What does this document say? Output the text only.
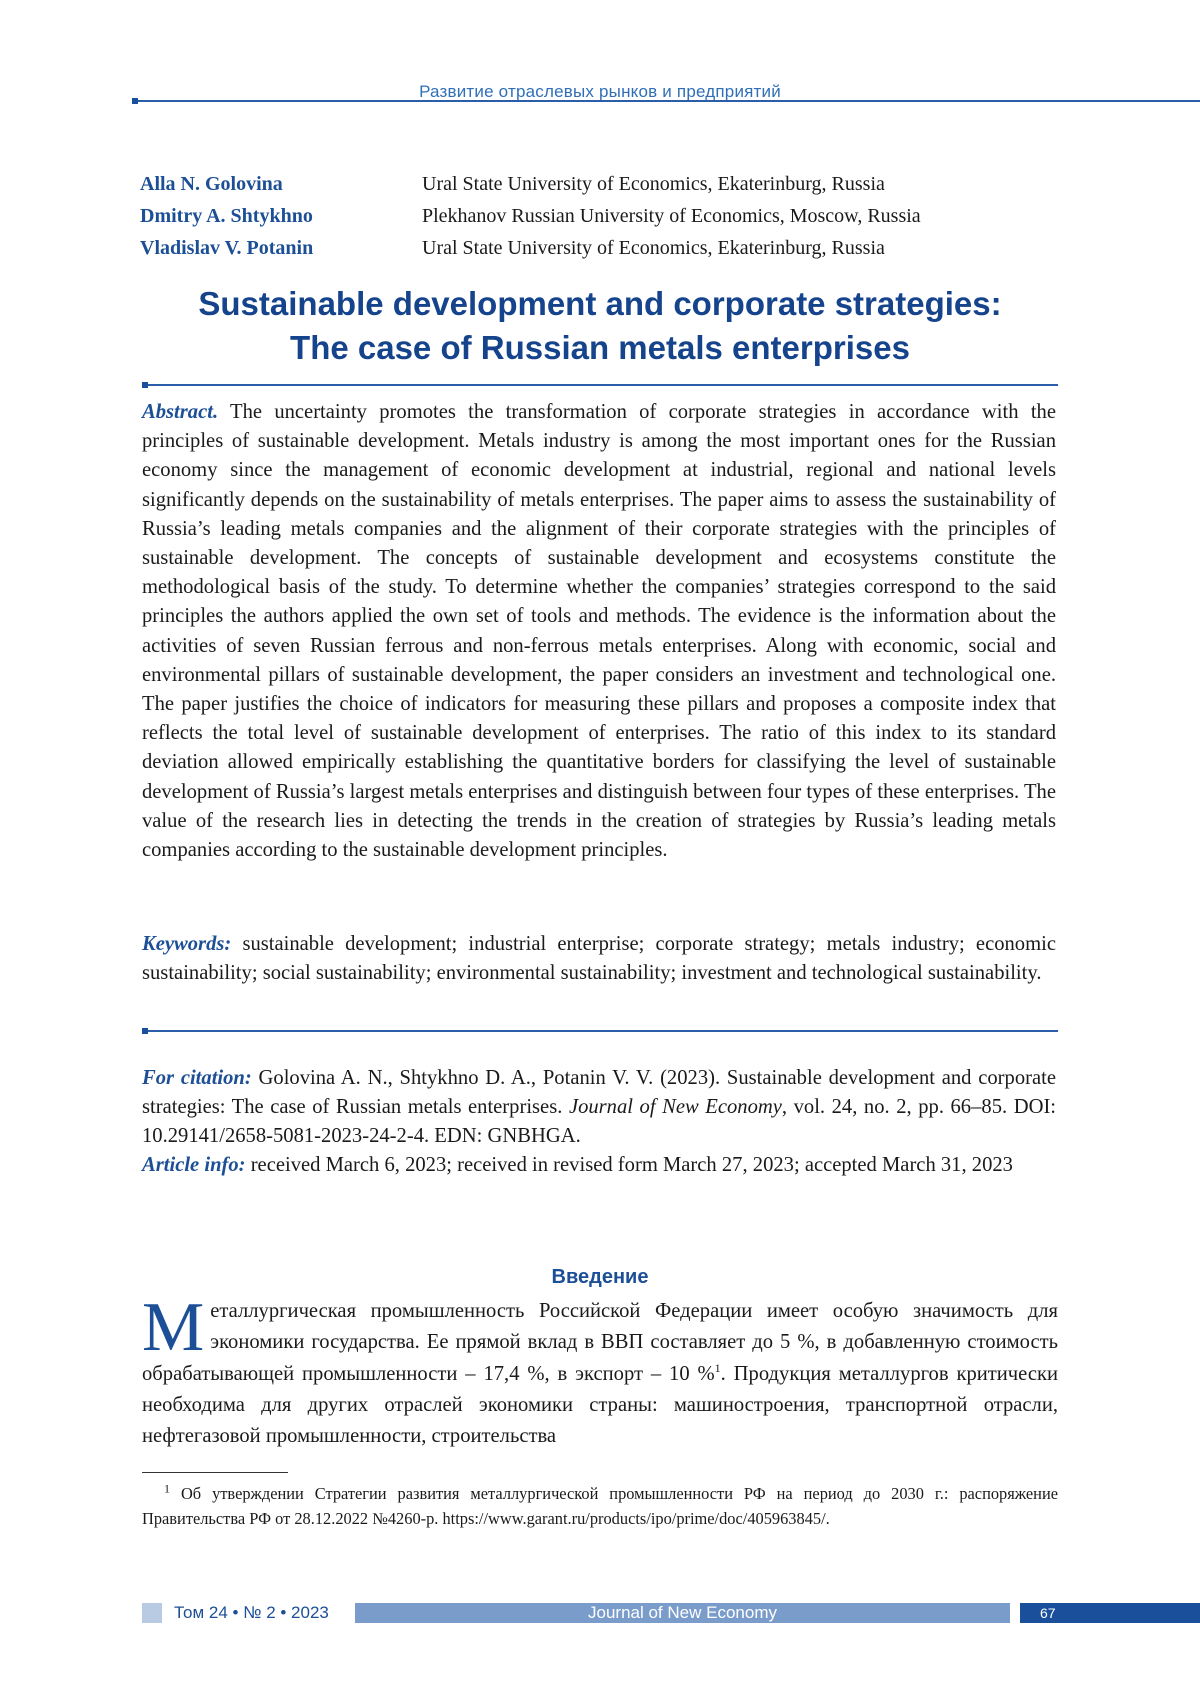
Развитие отраслевых рынков и предприятий
Alla N. Golovina	Ural State University of Economics, Ekaterinburg, Russia
Dmitry A. Shtykhno	Plekhanov Russian University of Economics, Moscow, Russia
Vladislav V. Potanin	Ural State University of Economics, Ekaterinburg, Russia
Sustainable development and corporate strategies:
The case of Russian metals enterprises
Abstract. The uncertainty promotes the transformation of corporate strategies in accordance with the principles of sustainable development. Metals industry is among the most important ones for the Russian economy since the management of economic development at industrial, regional and national levels significantly depends on the sustainability of metals enterprises. The paper aims to assess the sustainability of Russia’s leading metals companies and the alignment of their corporate strategies with the principles of sustainable development. The concepts of sustainable development and ecosystems constitute the methodological basis of the study. To determine whether the companies’ strategies correspond to the said principles the authors applied the own set of tools and methods. The evidence is the information about the activities of seven Russian ferrous and non-ferrous metals enterprises. Along with economic, social and environmental pillars of sustainable development, the paper considers an investment and technological one. The paper justifies the choice of indicators for measuring these pillars and proposes a composite index that reflects the total level of sustainable development of enterprises. The ratio of this index to its standard deviation allowed empirically establishing the quantitative borders for classifying the level of sustainable development of Russia’s largest metals enterprises and distinguish between four types of these enterprises. The value of the research lies in detecting the trends in the creation of strategies by Russia’s leading metals companies according to the sustainable development principles.
Keywords: sustainable development; industrial enterprise; corporate strategy; metals industry; economic sustainability; social sustainability; environmental sustainability; investment and technological sustainability.
For citation: Golovina A. N., Shtykhno D. A., Potanin V. V. (2023). Sustainable development and corporate strategies: The case of Russian metals enterprises. Journal of New Economy, vol. 24, no. 2, pp. 66–85. DOI: 10.29141/2658-5081-2023-24-2-4. EDN: GNBHGA.
Article info: received March 6, 2023; received in revised form March 27, 2023; accepted March 31, 2023
Введение
М еталлургическая промышленность Российской Федерации имеет особую значимость для экономики государства. Ее прямой вклад в ВВП составляет до 5 %, в добавленную стоимость обрабатывающей промышленности – 17,4 %, в экспорт – 10 %1. Продукция металлургов критически необходима для других отраслей экономики страны: машиностроения, транспортной отрасли, нефтегазовой промышленности, строительства
1 Об утверждении Стратегии развития металлургической промышленности РФ на период до 2030 г.: распоряжение Правительства РФ от 28.12.2022 №4260-р. https://www.garant.ru/products/ipo/prime/doc/405963845/.
Том 24 • № 2 • 2023	Journal of New Economy	67
